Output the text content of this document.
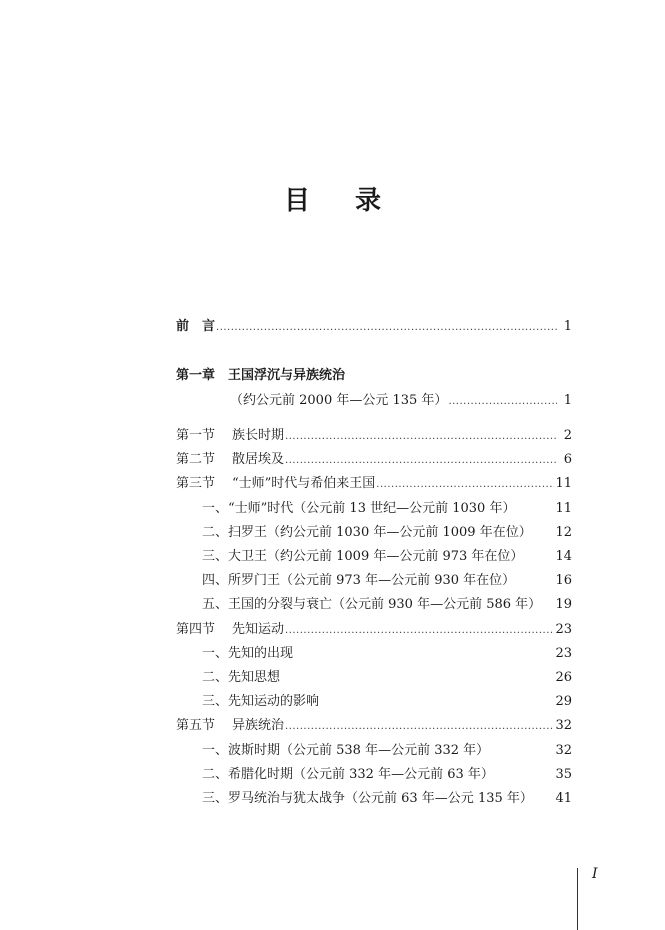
目 录
前　言 .....	1
第一章　王国浮沉与异族统治
（约公元前 2000 年—公元 135 年） .....	1
第一节 族长时期 .....	2
第二节 散居埃及 .....	6
第三节 “士师”时代与希伯来王国 .....	11
一、“士师”时代（公元前 13 世纪—公元前 1030 年）	11
二、扫罗王（约公元前 1030 年—公元前 1009 年在位） 12
三、大卫王（约公元前 1009 年—公元前 973 年在位） 14
四、所罗门王（公元前 973 年—公元前 930 年在位）	16
五、王国的分裂与衰亡（公元前 930 年—公元前 586 年） 19
第四节 先知运动 .....	23
一、先知的出现	23
二、先知思想	26
三、先知运动的影响	29
第五节 异族统治 .....	32
一、波斯时期（公元前 538 年—公元前 332 年）	32
二、希腊化时期（公元前 332 年—公元前 63 年）	35
三、罗马统治与犹太战争（公元前 63 年—公元 135 年） 41
I
